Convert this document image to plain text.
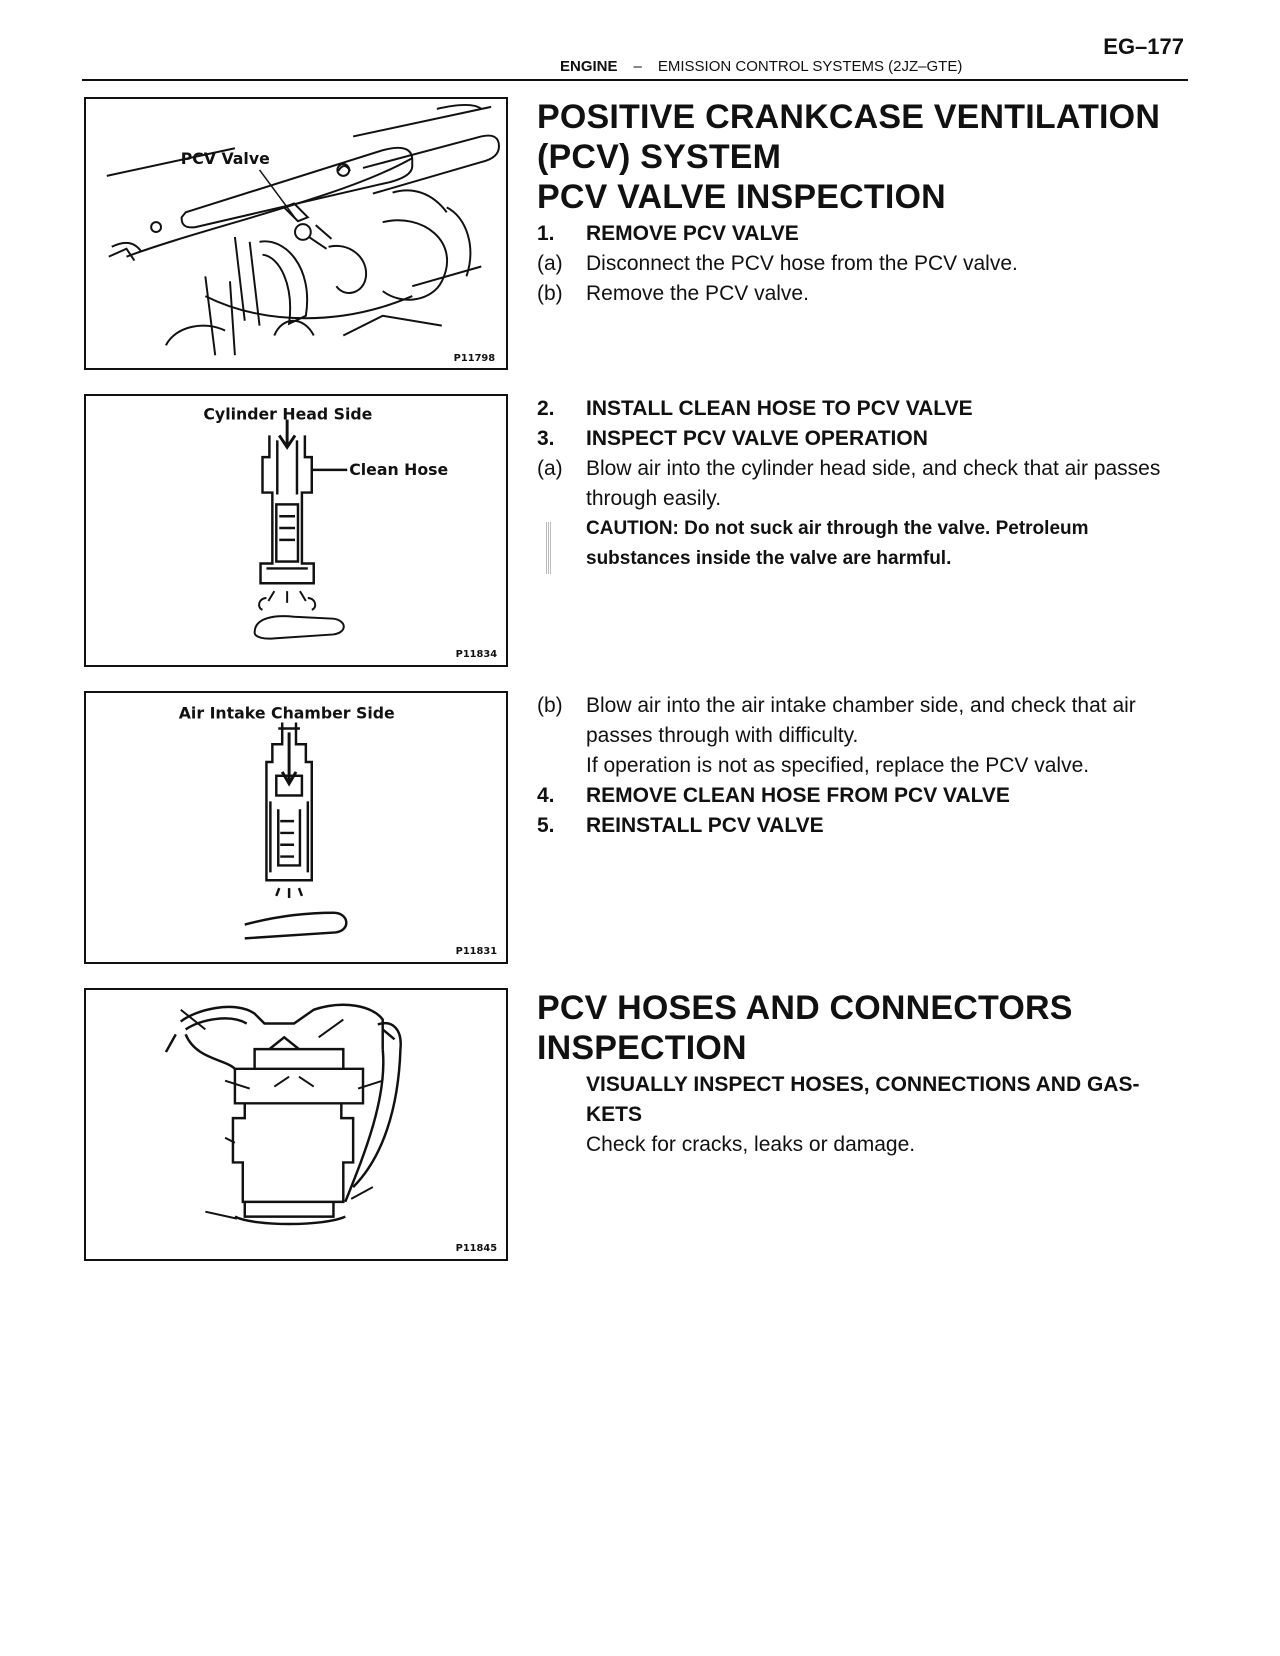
EG–177
ENGINE – EMISSION CONTROL SYSTEMS (2JZ–GTE)
PCV Valve
P11798
Cylinder Head Side
Clean Hose
P11834
Air Intake Chamber Side
P11831
P11845
POSITIVE CRANKCASE VENTILATION
(PCV) SYSTEM
PCV VALVE INSPECTION
1.	REMOVE PCV VALVE
(a)	Disconnect the PCV hose from the PCV valve.
(b)	Remove the PCV valve.
2.	INSTALL CLEAN HOSE TO PCV VALVE
3.	INSPECT PCV VALVE OPERATION
(a)	Blow air into the cylinder head side, and check that air passes through easily.
CAUTION: Do not suck air through the valve. Petroleum substances inside the valve are harmful.
(b)	Blow air into the air intake chamber side, and check that air passes through with difficulty.
If operation is not as specified, replace the PCV valve.
4.	REMOVE CLEAN HOSE FROM PCV VALVE
5.	REINSTALL PCV VALVE
PCV HOSES AND CONNECTORS
INSPECTION
VISUALLY INSPECT HOSES, CONNECTIONS AND GAS-
KETS
Check for cracks, leaks or damage.
